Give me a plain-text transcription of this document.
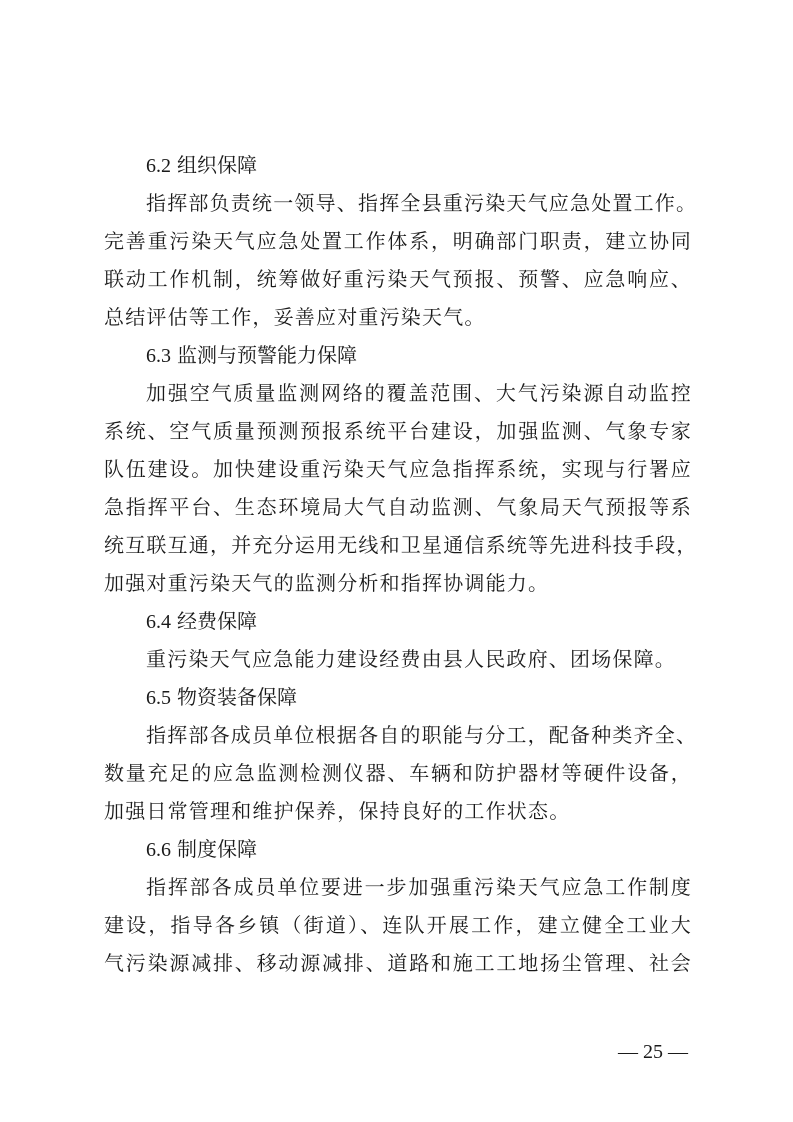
6.2 组织保障
指挥部负责统一领导、指挥全县重污染天气应急处置工作。
完善重污染天气应急处置工作体系，明确部门职责，建立协同
联动工作机制，统筹做好重污染天气预报、预警、应急响应、
总结评估等工作，妥善应对重污染天气。
6.3 监测与预警能力保障
加强空气质量监测网络的覆盖范围、大气污染源自动监控
系统、空气质量预测预报系统平台建设，加强监测、气象专家
队伍建设。加快建设重污染天气应急指挥系统，实现与行署应
急指挥平台、生态环境局大气自动监测、气象局天气预报等系
统互联互通，并充分运用无线和卫星通信系统等先进科技手段，
加强对重污染天气的监测分析和指挥协调能力。
6.4 经费保障
重污染天气应急能力建设经费由县人民政府、团场保障。
6.5 物资装备保障
指挥部各成员单位根据各自的职能与分工，配备种类齐全、
数量充足的应急监测检测仪器、车辆和防护器材等硬件设备，
加强日常管理和维护保养，保持良好的工作状态。
6.6 制度保障
指挥部各成员单位要进一步加强重污染天气应急工作制度
建设，指导各乡镇（街道）、连队开展工作，建立健全工业大
气污染源减排、移动源减排、道路和施工工地扬尘管理、社会
— 25 —
